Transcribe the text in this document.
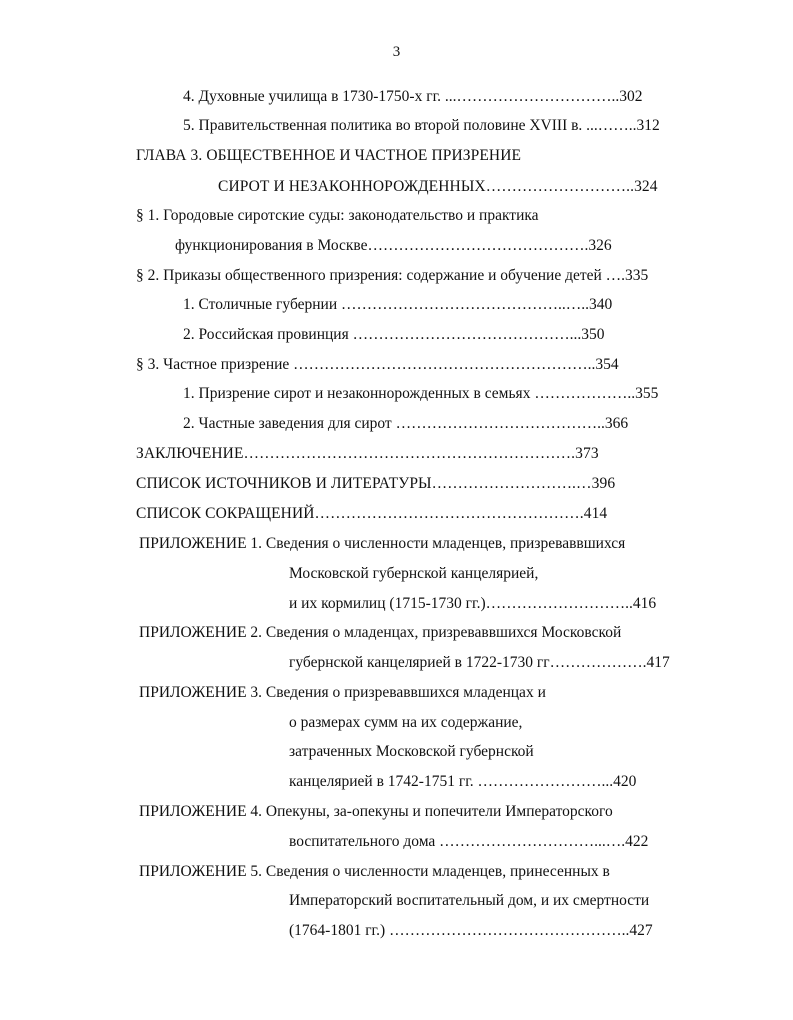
3
4. Духовные училища в 1730-1750-х гг. ...…………………………..302
5. Правительственная политика во второй половине XVIII в. ...……..312
ГЛАВА 3. ОБЩЕСТВЕННОЕ И ЧАСТНОЕ ПРИЗРЕНИЕ
СИРОТ И НЕЗАКОННОРОЖДЕННЫХ………………………..324
§ 1. Городовые сиротские суды: законодательство и практика
функционирования в Москве…………………………………….326
§ 2. Приказы общественного призрения: содержание и обучение детей ….335
1. Столичные губернии ……………………………………..…..340
2. Российская провинция ……………………………………...350
§ 3. Частное призрение …………………………………………………..354
1. Призрение сирот и незаконнорожденных в семьях ………………..355
2. Частные заведения для сирот …………………………………..366
ЗАКЛЮЧЕНИЕ……………………………………………………….373
СПИСОК ИСТОЧНИКОВ И ЛИТЕРАТУРЫ……………………….…396
СПИСОК СОКРАЩЕНИЙ…………………………………………….414
ПРИЛОЖЕНИЕ 1. Сведения о численности младенцев, призреваввшихся
Московской губернской канцелярией,
и их кормилиц (1715-1730 гг.)………………………..416
ПРИЛОЖЕНИЕ 2. Сведения о младенцах, призреваввшихся Московской
губернской канцелярией в 1722-1730 гг……………….417
ПРИЛОЖЕНИЕ 3. Сведения о призреваввшихся младенцах и
о размерах сумм на их содержание,
затраченных Московской губернской
канцелярией в 1742-1751 гг. ……………………...420
ПРИЛОЖЕНИЕ 4. Опекуны, за-опекуны и попечители Императорского
воспитательного дома …………………………...….422
ПРИЛОЖЕНИЕ 5. Сведения о численности младенцев, принесенных в
Императорский воспитательный дом, и их смертности
(1764-1801 гг.) ………………………………………..427
